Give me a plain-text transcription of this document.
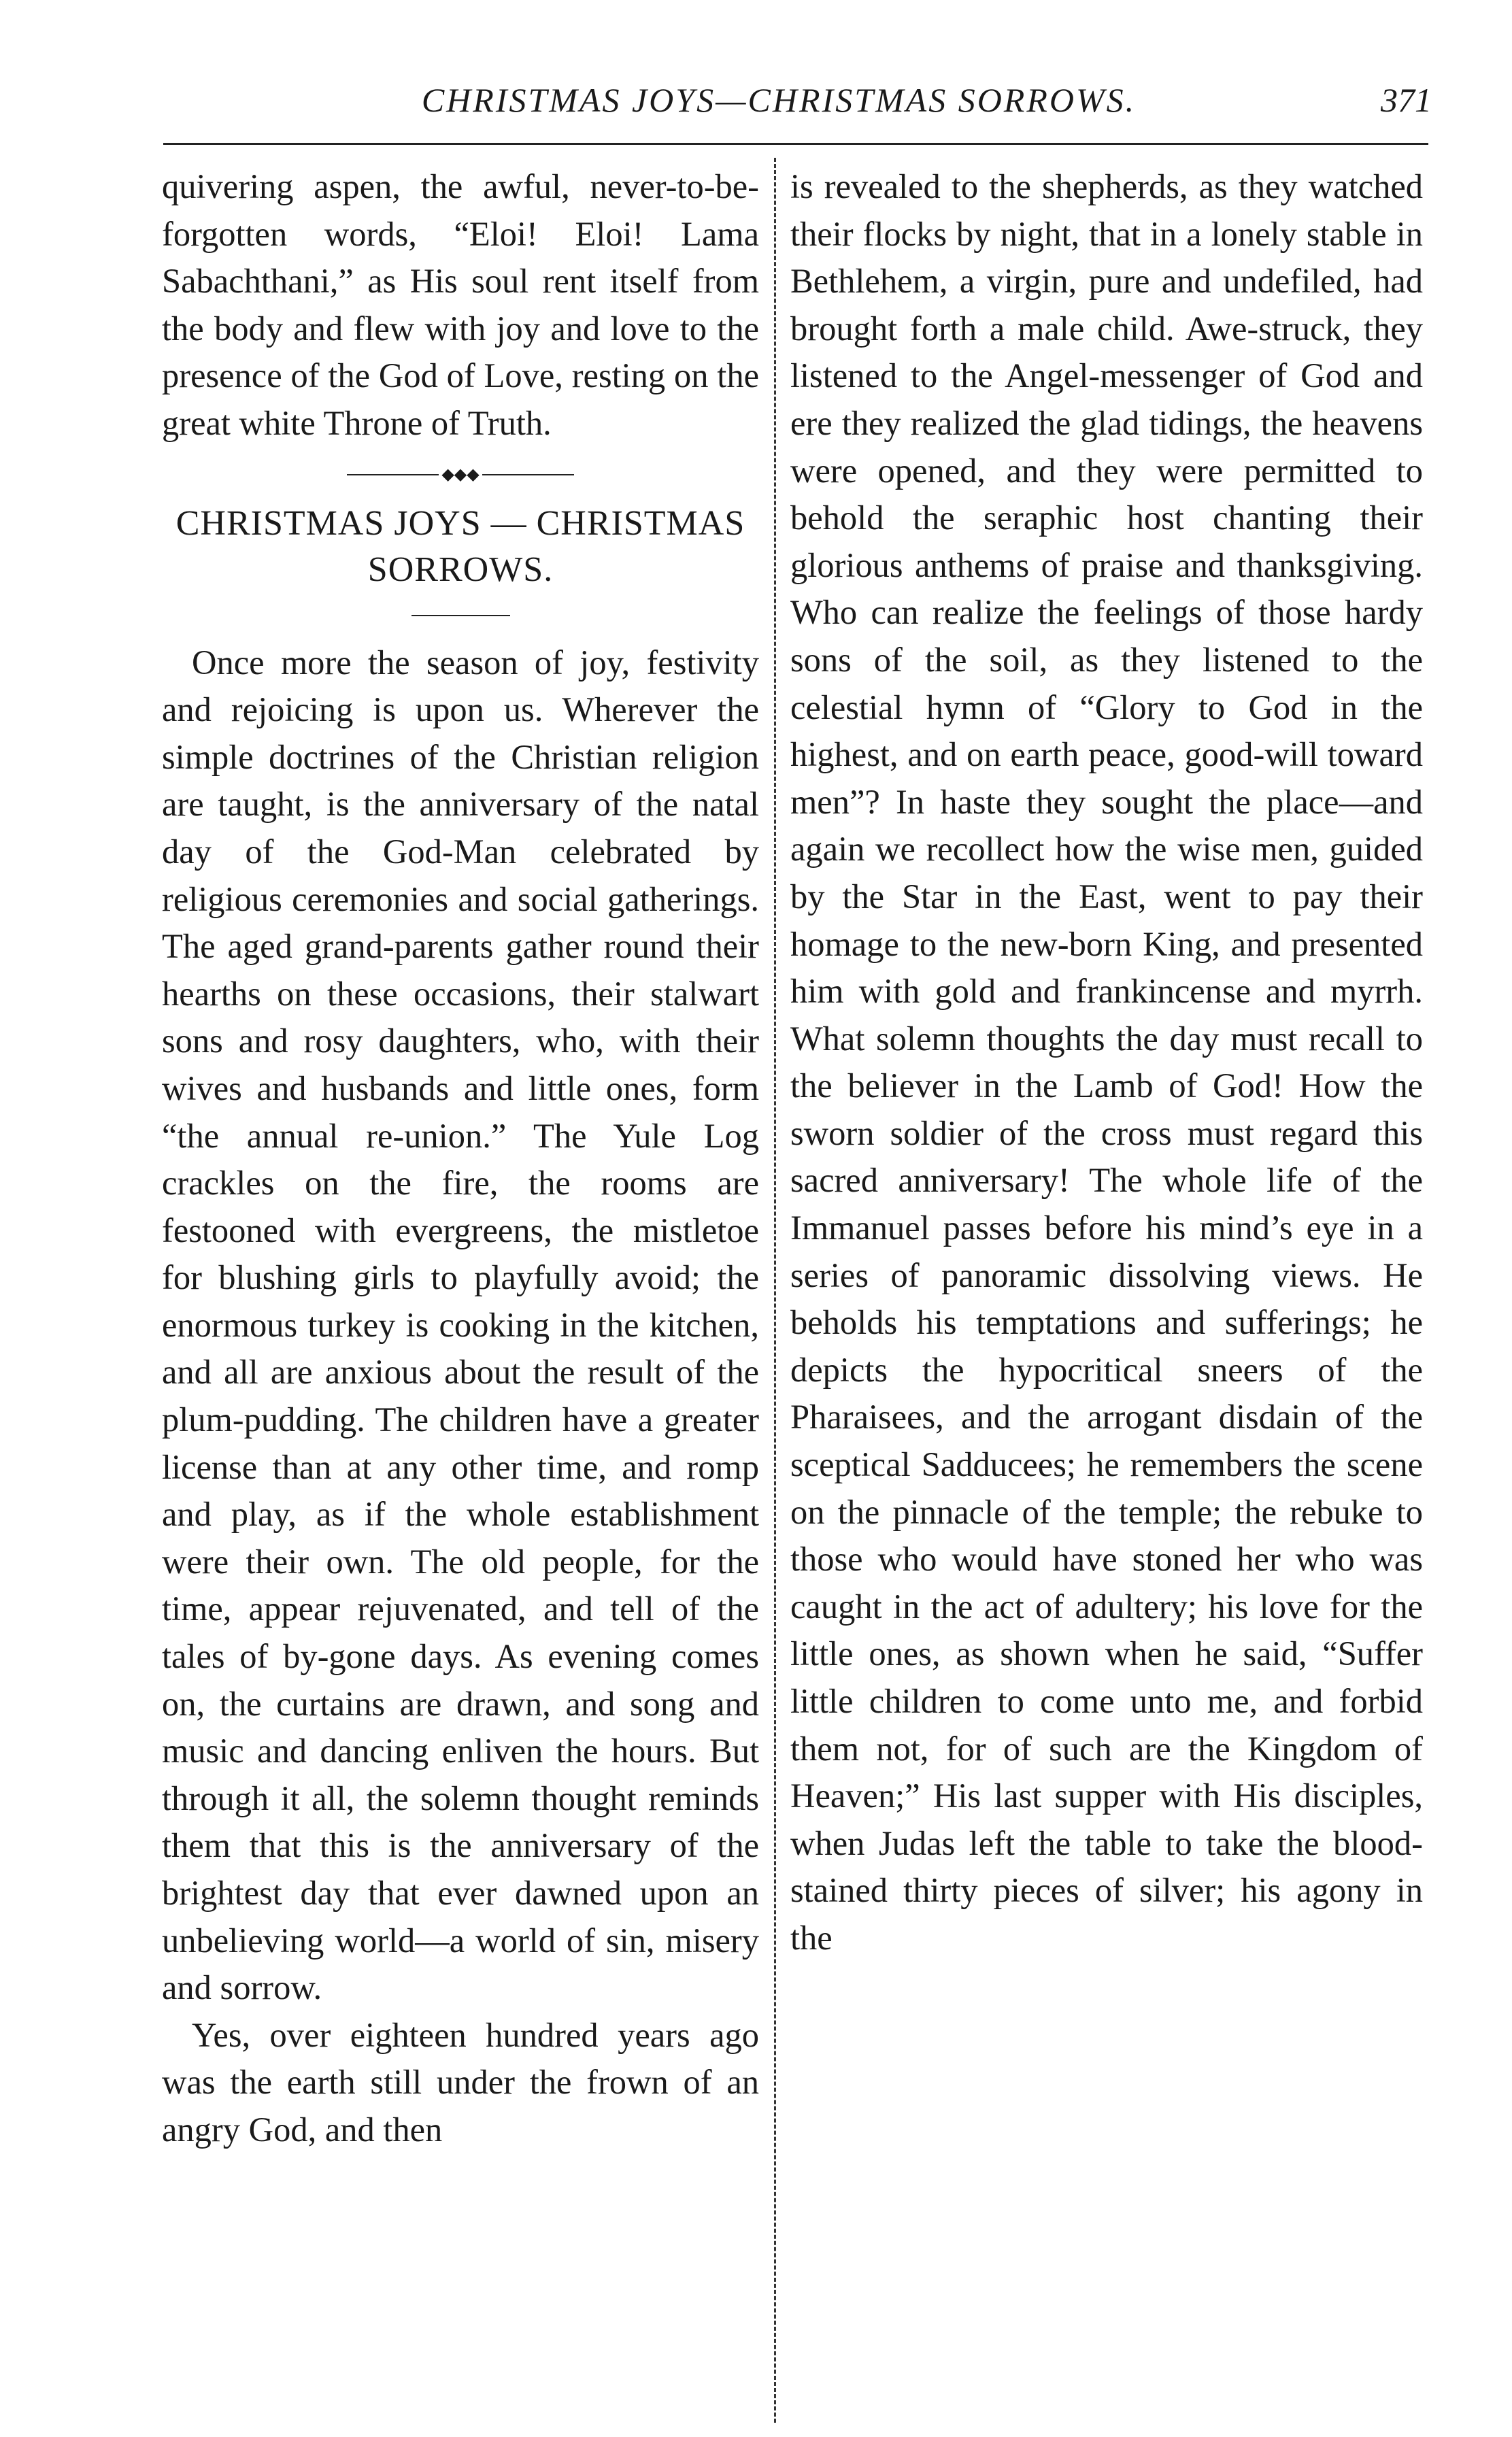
CHRISTMAS JOYS—CHRISTMAS SORROWS.	371

quivering aspen, the awful, never-to-be-forgotten words, “Eloi! Eloi! Lama Sabachthani,” as His soul rent itself from the body and flew with joy and love to the presence of the God of Love, resting on the great white Throne of Truth.

◆◆◆
CHRISTMAS JOYS — CHRISTMAS SORROWS.

Once more the season of joy, festivity and rejoicing is upon us. Wherever the simple doctrines of the Christian religion are taught, is the anniversary of the natal day of the God-Man celebrated by religious ceremonies and social gatherings. The aged grand-parents gather round their hearths on these occasions, their stalwart sons and rosy daughters, who, with their wives and husbands and little ones, form “the annual re-union.” The Yule Log crackles on the fire, the rooms are festooned with evergreens, the mistletoe for blushing girls to playfully avoid; the enormous turkey is cooking in the kitchen, and all are anxious about the result of the plum-pudding. The children have a greater license than at any other time, and romp and play, as if the whole establishment were their own. The old people, for the time, appear rejuvenated, and tell of the tales of by-gone days. As evening comes on, the curtains are drawn, and song and music and dancing enliven the hours. But through it all, the solemn thought reminds them that this is the anniversary of the brightest day that ever dawned upon an unbelieving world—a world of sin, misery and sorrow.

Yes, over eighteen hundred years ago was the earth still under the frown of an angry God, and then

is revealed to the shepherds, as they watched their flocks by night, that in a lonely stable in Bethlehem, a virgin, pure and undefiled, had brought forth a male child. Awe-struck, they listened to the Angel-messenger of God and ere they realized the glad tidings, the heavens were opened, and they were permitted to behold the seraphic host chanting their glorious anthems of praise and thanksgiving. Who can realize the feelings of those hardy sons of the soil, as they listened to the celestial hymn of “Glory to God in the highest, and on earth peace, good-will toward men”? In haste they sought the place—and again we recollect how the wise men, guided by the Star in the East, went to pay their homage to the new-born King, and presented him with gold and frankincense and myrrh. What solemn thoughts the day must recall to the believer in the Lamb of God! How the sworn soldier of the cross must regard this sacred anniversary! The whole life of the Immanuel passes before his mind’s eye in a series of panoramic dissolving views. He beholds his temptations and sufferings; he depicts the hypocritical sneers of the Pharaisees, and the arrogant disdain of the sceptical Sadducees; he remembers the scene on the pinnacle of the temple; the rebuke to those who would have stoned her who was caught in the act of adultery; his love for the little ones, as shown when he said, “Suffer little children to come unto me, and forbid them not, for of such are the Kingdom of Heaven;” His last supper with His disciples, when Judas left the table to take the blood-stained thirty pieces of silver; his agony in the
